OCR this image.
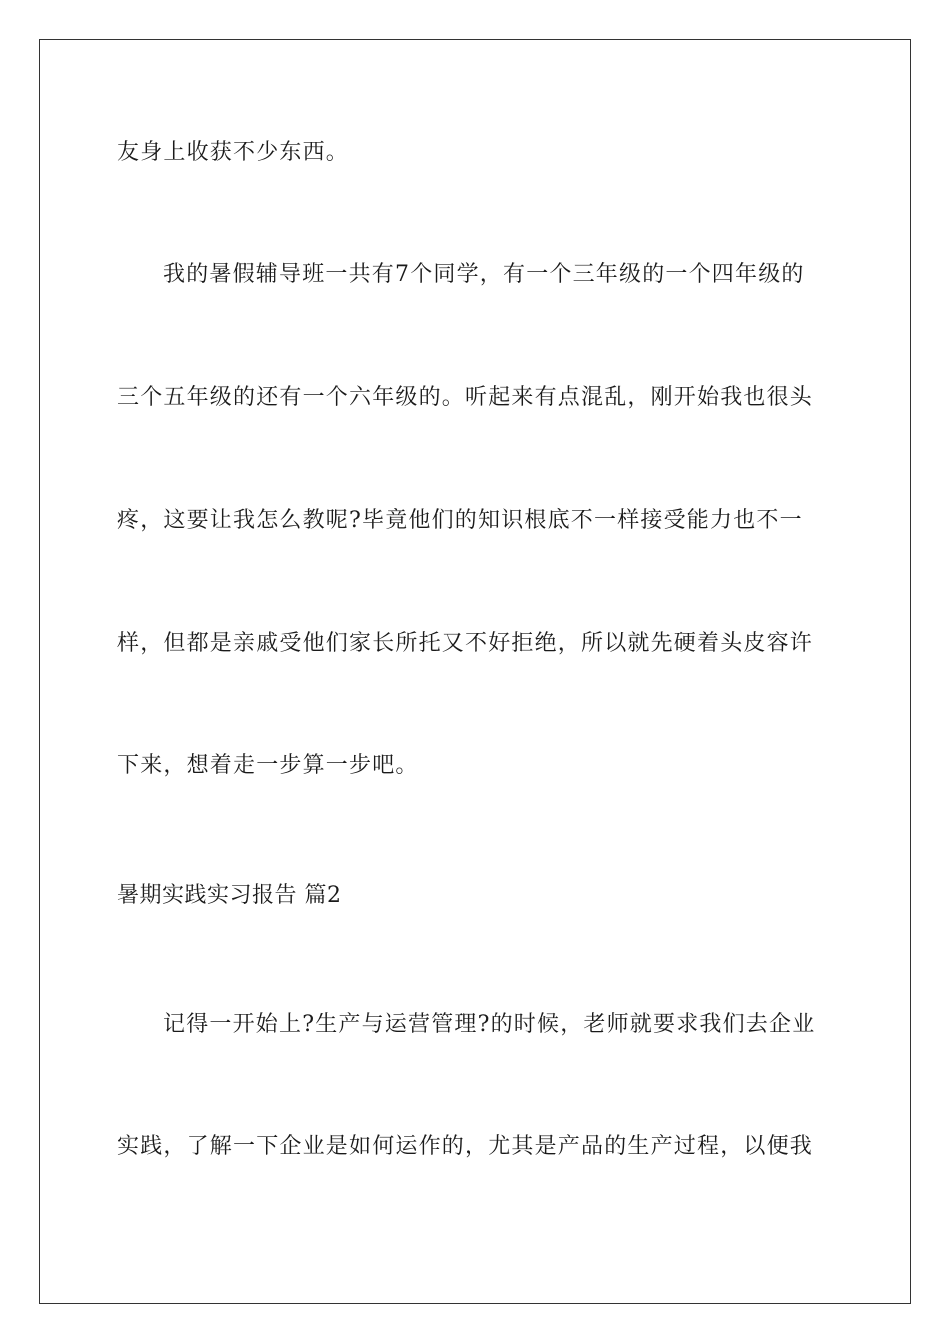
友身上收获不少东西。

我的暑假辅导班一共有7个同学，有一个三年级的一个四年级的

三个五年级的还有一个六年级的。听起来有点混乱，刚开始我也很头

疼，这要让我怎么教呢?毕竟他们的知识根底不一样接受能力也不一

样，但都是亲戚受他们家长所托又不好拒绝，所以就先硬着头皮容许

下来，想着走一步算一步吧。

暑期实践实习报告 篇2

记得一开始上?生产与运营管理?的时候，老师就要求我们去企业

实践，了解一下企业是如何运作的，尤其是产品的生产过程，以便我
